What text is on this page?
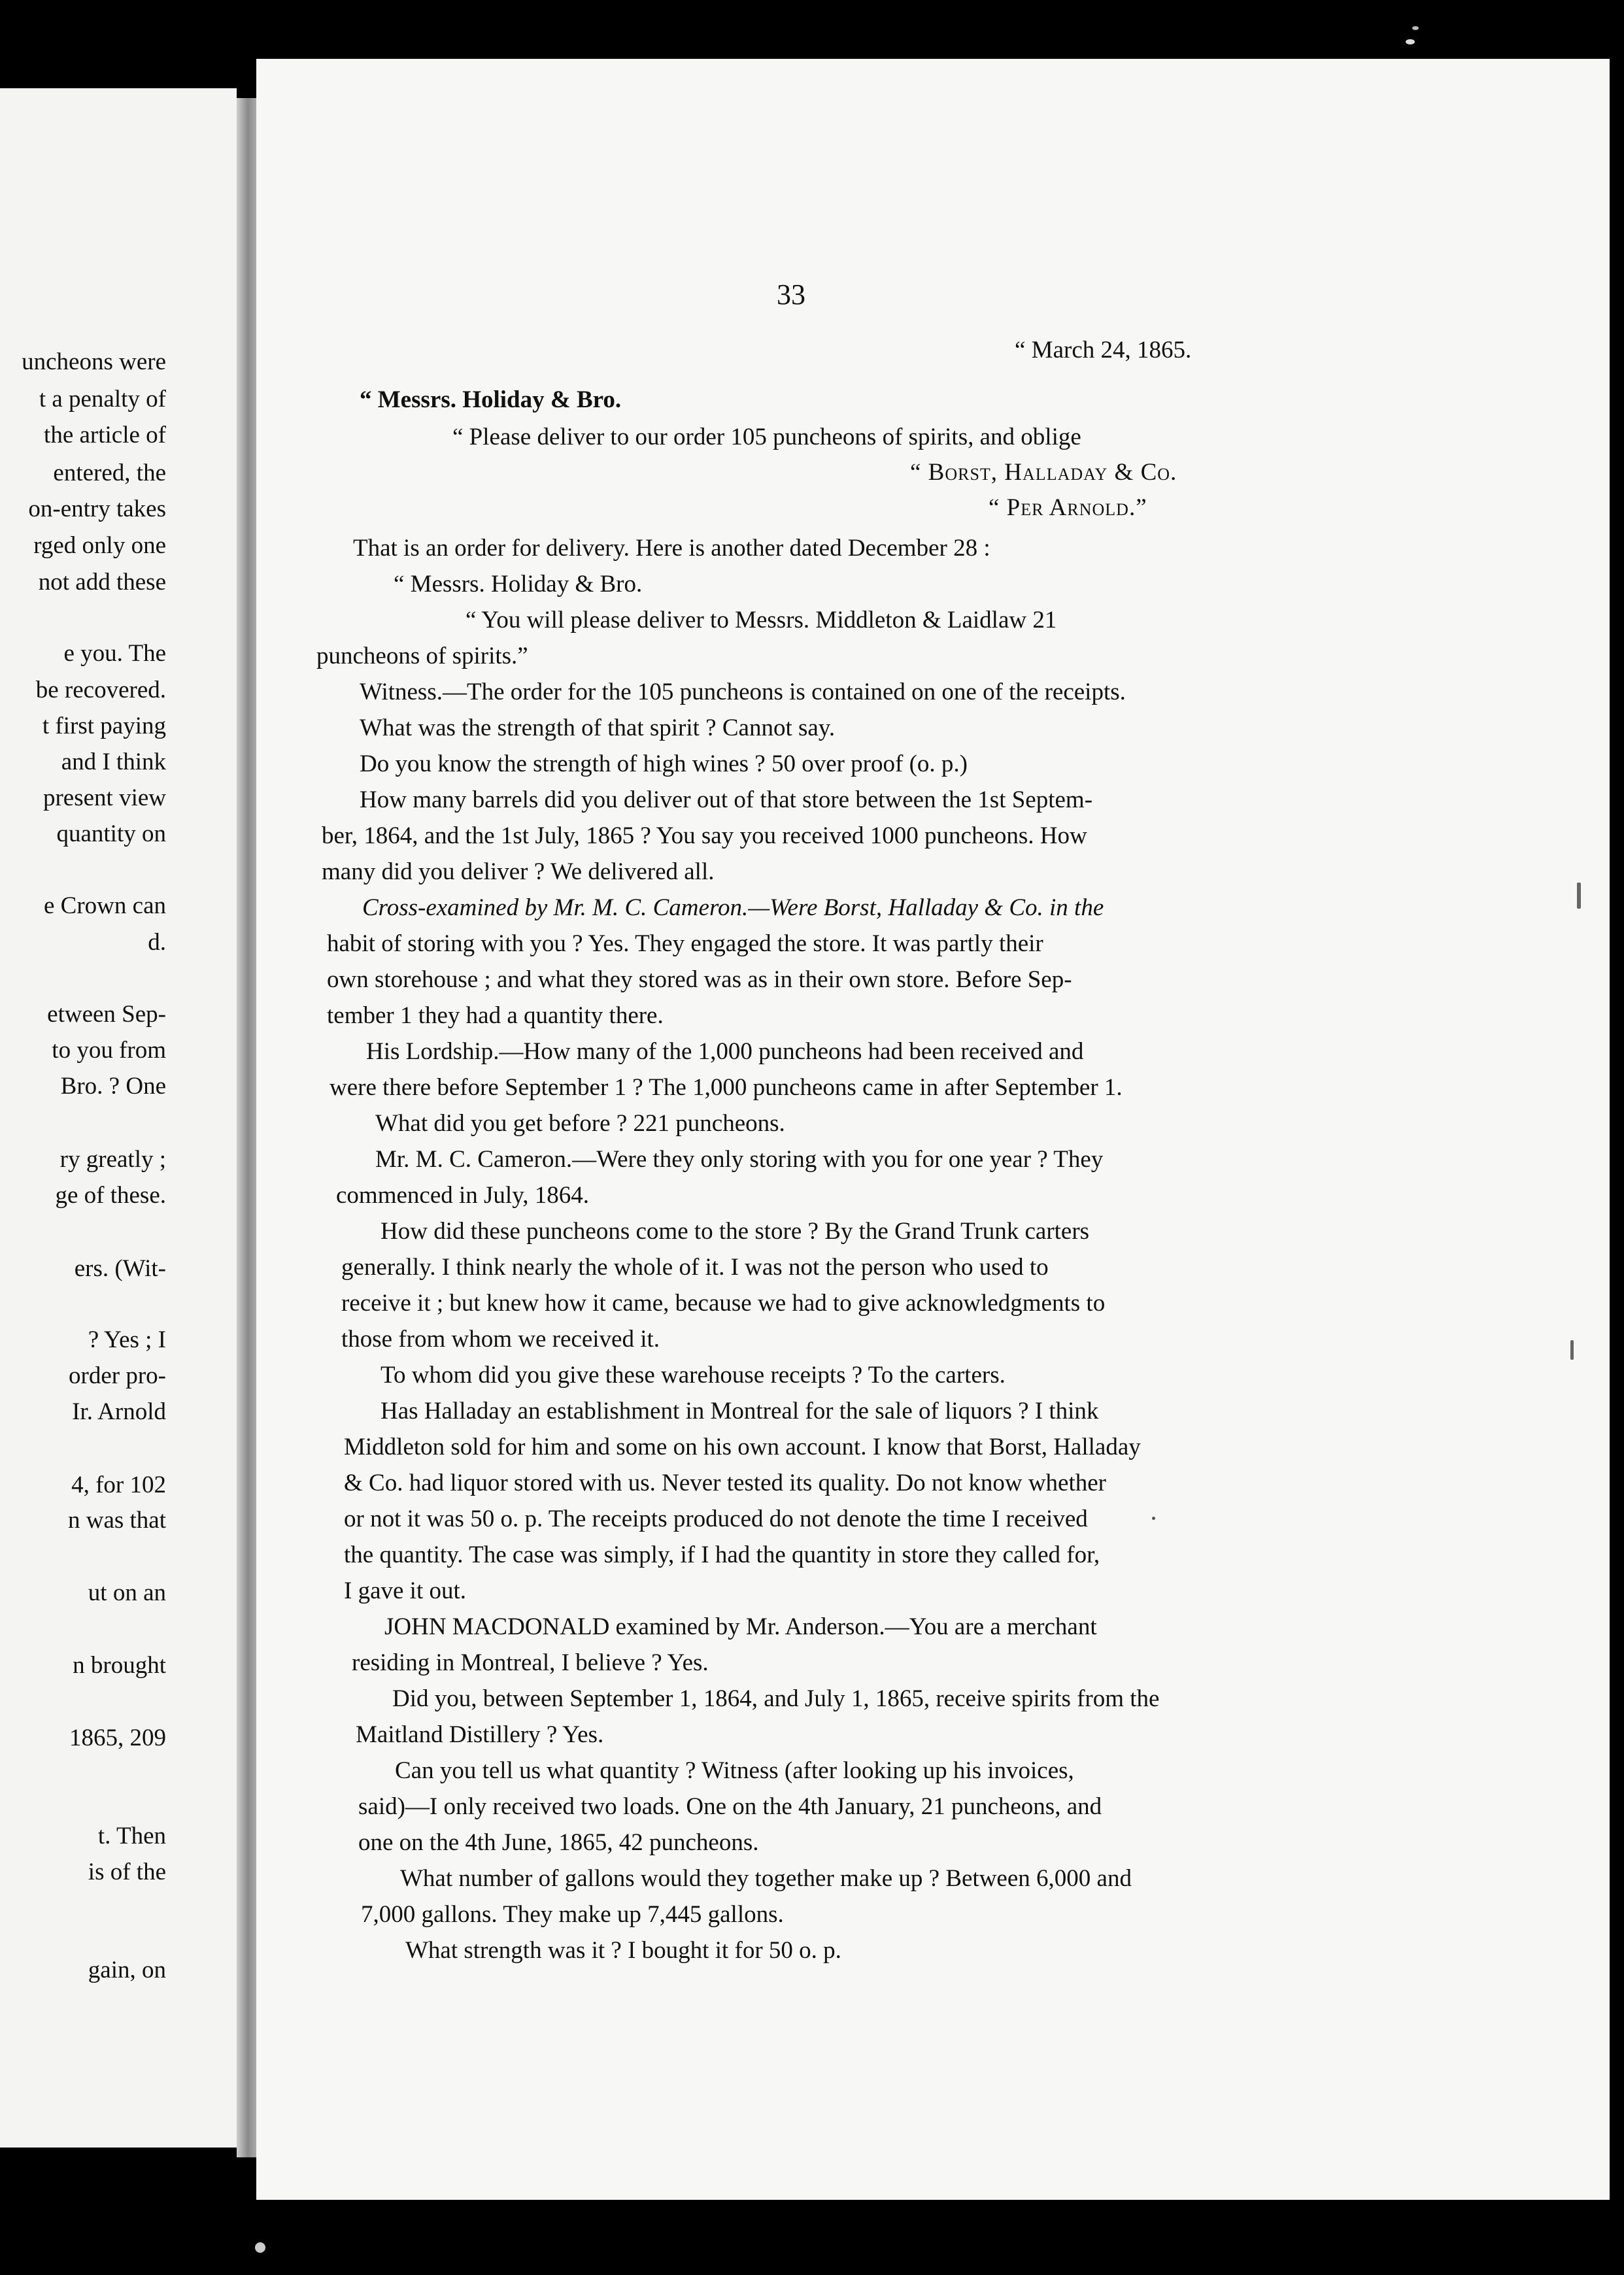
uncheons were
t a penalty of
the article of
entered, the
on-entry takes
rged only one
not add these
e you. The
be recovered.
t first paying
and I think
present view
quantity on
e Crown can
d.
etween Sep-
to you from
Bro. ? One
ry greatly ;
ge of these.
ers. (Wit-
? Yes ; I
order pro-
Ir. Arnold
4, for 102
n was that
ut on an
n brought
1865, 209
t. Then
is of the
gain, on
33
“ March 24, 1865.
“ Messrs. Holiday & Bro.
“ Please deliver to our order 105 puncheons of spirits, and oblige
“ Borst, Halladay & Co.
“ Per Arnold.”
That is an order for delivery. Here is another dated December 28 :
“ Messrs. Holiday & Bro.
“ You will please deliver to Messrs. Middleton & Laidlaw 21
puncheons of spirits.”
Witness.—The order for the 105 puncheons is contained on one of the receipts.
What was the strength of that spirit ? Cannot say.
Do you know the strength of high wines ? 50 over proof (o. p.)
How many barrels did you deliver out of that store between the 1st Septem-
ber, 1864, and the 1st July, 1865 ? You say you received 1000 puncheons. How
many did you deliver ? We delivered all.
Cross-examined by Mr. M. C. Cameron.—Were Borst, Halladay & Co. in the
habit of storing with you ? Yes. They engaged the store. It was partly their
own storehouse ; and what they stored was as in their own store. Before Sep-
tember 1 they had a quantity there.
His Lordship.—How many of the 1,000 puncheons had been received and
were there before September 1 ? The 1,000 puncheons came in after September 1.
What did you get before ? 221 puncheons.
Mr. M. C. Cameron.—Were they only storing with you for one year ? They
commenced in July, 1864.
How did these puncheons come to the store ? By the Grand Trunk carters
generally. I think nearly the whole of it. I was not the person who used to
receive it ; but knew how it came, because we had to give acknowledgments to
those from whom we received it.
To whom did you give these warehouse receipts ? To the carters.
Has Halladay an establishment in Montreal for the sale of liquors ? I think
Middleton sold for him and some on his own account. I know that Borst, Halladay
& Co. had liquor stored with us. Never tested its quality. Do not know whether
or not it was 50 o. p. The receipts produced do not denote the time I received
the quantity. The case was simply, if I had the quantity in store they called for,
I gave it out.
JOHN MACDONALD examined by Mr. Anderson.—You are a merchant
residing in Montreal, I believe ? Yes.
Did you, between September 1, 1864, and July 1, 1865, receive spirits from the
Maitland Distillery ? Yes.
Can you tell us what quantity ? Witness (after looking up his invoices,
said)—I only received two loads. One on the 4th January, 21 puncheons, and
one on the 4th June, 1865, 42 puncheons.
What number of gallons would they together make up ? Between 6,000 and
7,000 gallons. They make up 7,445 gallons.
What strength was it ? I bought it for 50 o. p.
